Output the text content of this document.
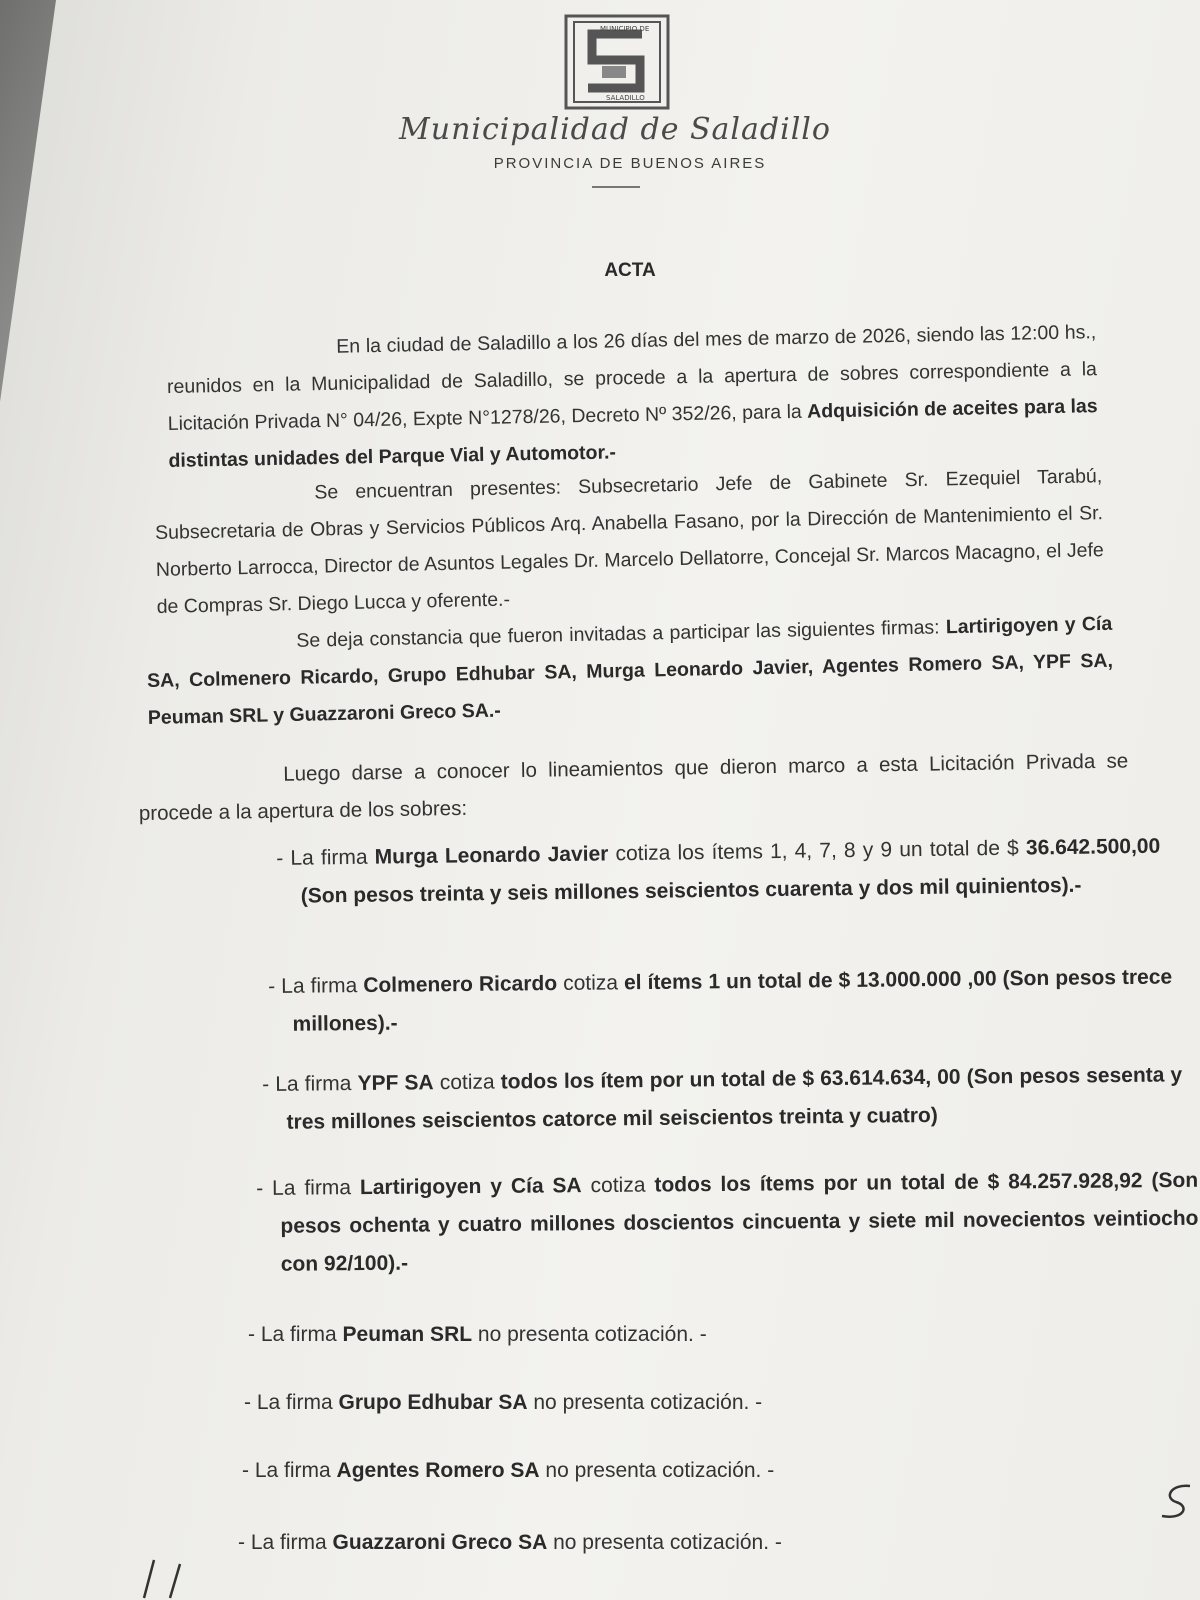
MUNICIPIO DE
SALADILLO
Municipalidad de Saladillo
PROVINCIA DE BUENOS AIRES
ACTA
En la ciudad de Saladillo a los 26 días del mes de marzo de 2026, siendo las 12:00 hs., reunidos en la Municipalidad de Saladillo, se procede a la apertura de sobres correspondiente a la Licitación Privada N° 04/26, Expte N°1278/26, Decreto Nº 352/26, para la Adquisición de aceites para las distintas unidades del Parque Vial y Automotor.-
Se encuentran presentes: Subsecretario Jefe de Gabinete Sr. Ezequiel Tarabú, Subsecretaria de Obras y Servicios Públicos Arq. Anabella Fasano, por la Dirección de Mantenimiento el Sr. Norberto Larrocca, Director de Asuntos Legales Dr. Marcelo Dellatorre, Concejal Sr. Marcos Macagno, el Jefe de Compras Sr. Diego Lucca y oferente.-
Se deja constancia que fueron invitadas a participar las siguientes firmas: Lartirigoyen y Cía SA, Colmenero Ricardo, Grupo Edhubar SA, Murga Leonardo Javier, Agentes Romero SA, YPF SA, Peuman SRL y Guazzaroni Greco SA.-
Luego darse a conocer lo lineamientos que dieron marco a esta Licitación Privada se procede a la apertura de los sobres:
- La firma Murga Leonardo Javier cotiza los ítems 1, 4, 7, 8 y 9 un total de $ 36.642.500,00 (Son pesos treinta y seis millones seiscientos cuarenta y dos mil quinientos).-
- La firma Colmenero Ricardo cotiza el ítems 1 un total de $ 13.000.000 ,00 (Son pesos trece millones).-
- La firma YPF SA cotiza todos los ítem por un total de $ 63.614.634, 00 (Son pesos sesenta y tres millones seiscientos catorce mil seiscientos treinta y cuatro)
- La firma Lartirigoyen y Cía SA cotiza todos los ítems por un total de $ 84.257.928,92 (Son pesos ochenta y cuatro millones doscientos cincuenta y siete mil novecientos veintiocho con 92/100).-
- La firma Peuman SRL no presenta cotización. -
- La firma Grupo Edhubar SA no presenta cotización. -
- La firma Agentes Romero SA no presenta cotización. -
- La firma Guazzaroni Greco SA no presenta cotización. -
